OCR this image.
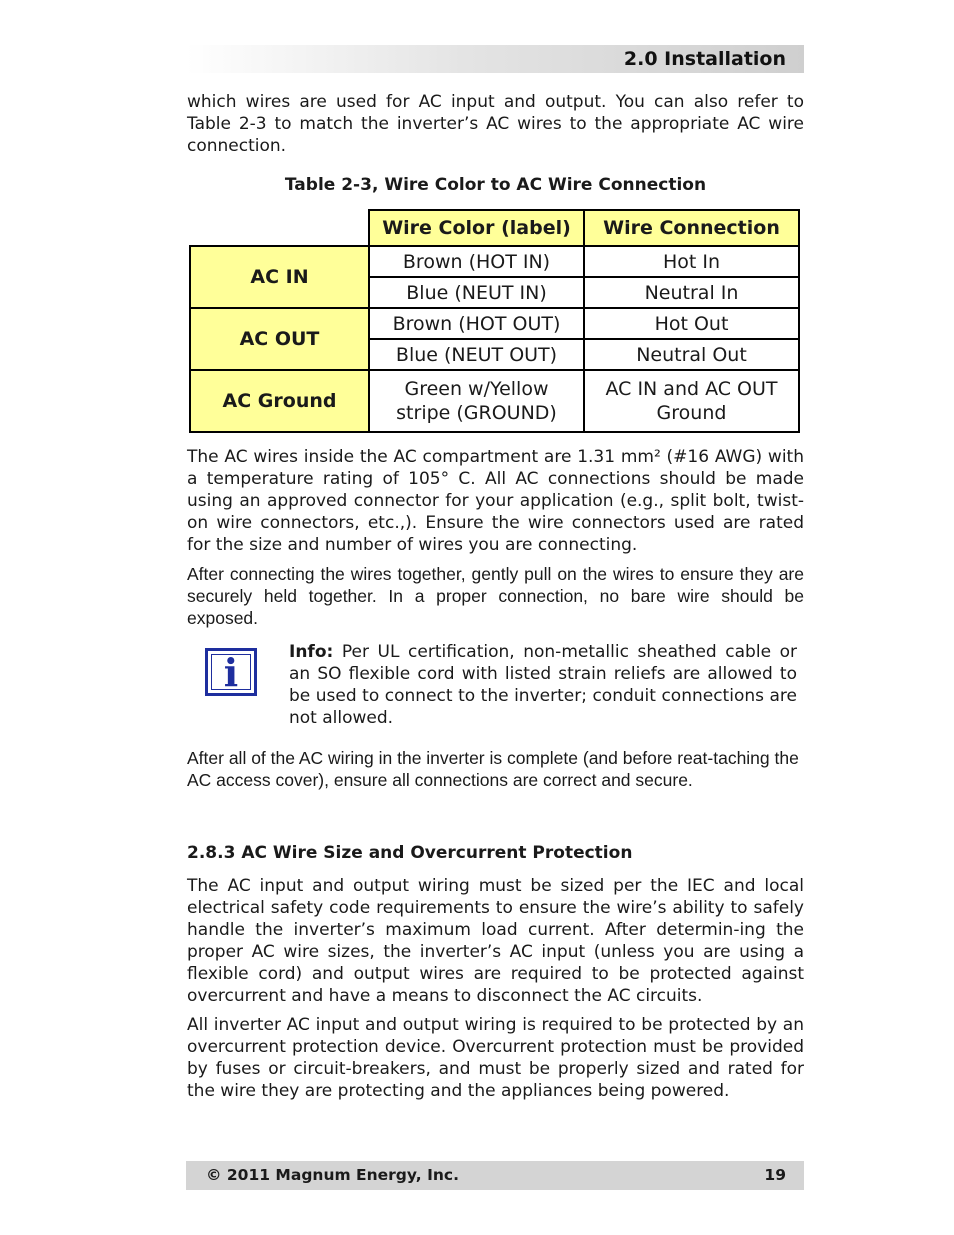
2.0 Installation

which wires are used for AC input and output. You can also refer to Table 2-3 to match the inverter’s AC wires to the appropriate AC wire connection.

Table 2-3, Wire Color to AC Wire Connection
	Wire Color (label)	Wire Connection
AC IN	Brown (HOT IN)	Hot In
	Blue (NEUT IN)	Neutral In
AC OUT	Brown (HOT OUT)	Hot Out
	Blue (NEUT OUT)	Neutral Out
AC Ground	Green w/Yellow stripe (GROUND)	AC IN and AC OUT Ground

The AC wires inside the AC compartment are 1.31 mm² (#16 AWG) with a temperature rating of 105° C. All AC connections should be made using an approved connector for your application (e.g., split bolt, twist-on wire connectors, etc.,). Ensure the wire connectors used are rated for the size and number of wires you are connecting.

After connecting the wires together, gently pull on the wires to ensure they are securely held together. In a proper connection, no bare wire should be exposed.

i	Info: Per UL certification, non-metallic sheathed cable or an SO flexible cord with listed strain reliefs are allowed to be used to connect to the inverter; conduit connections are not allowed.

After all of the AC wiring in the inverter is complete (and before reat-taching the AC access cover), ensure all connections are correct and secure.

2.8.3 AC Wire Size and Overcurrent Protection

The AC input and output wiring must be sized per the IEC and local electrical safety code requirements to ensure the wire’s ability to safely handle the inverter’s maximum load current. After determin-ing the proper AC wire sizes, the inverter’s AC input (unless you are using a flexible cord) and output wires are required to be protected against overcurrent and have a means to disconnect the AC circuits.

All inverter AC input and output wiring is required to be protected by an overcurrent protection device. Overcurrent protection must be provided by fuses or circuit-breakers, and must be properly sized and rated for the wire they are protecting and the appliances being powered.

© 2011 Magnum Energy, Inc.	19
